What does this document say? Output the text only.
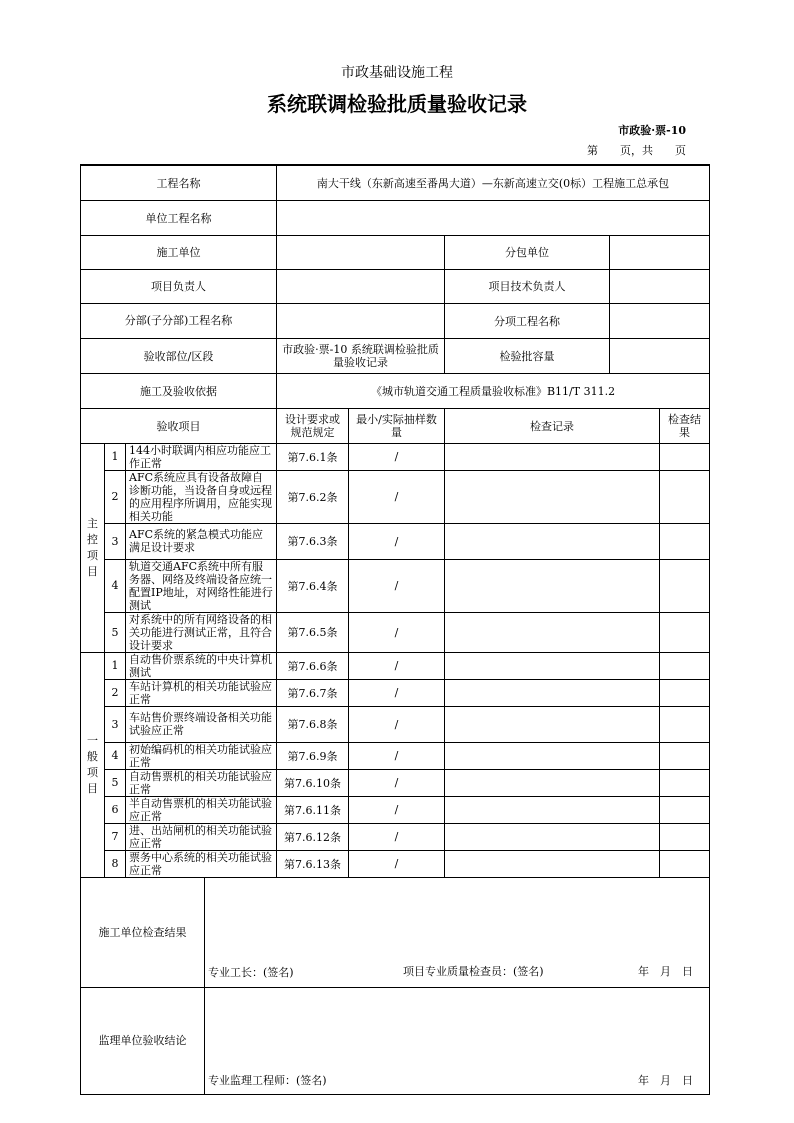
市政基础设施工程
系统联调检验批质量验收记录
市政验·票-10
第　　页，共　　页
工程名称				南大干线（东新高速至番禺大道）—东新高速立交(0标）工程施工总承包				
单位工程名称								
施工单位						分包单位		
项目负责人						项目技术负责人		
分部(子分部)工程名称						分项工程名称		
验收部位/区段				市政验·票-10 系统联调检验批质量验收记录		检验批容量		
施工及验收依据				《城市轨道交通工程质量验收标准》B11/T 311.2				
验收项目				设计要求或规范规定	最小/实际抽样数量	检查记录		检查结果
主
控
项
目	1	144小时联调内相应功能应工作正常		第7.6.1条	/			
	2	AFC系统应具有设备故障自诊断功能，当设备自身或远程的应用程序所调用，应能实现相关功能		第7.6.2条	/			
	3	AFC系统的紧急模式功能应满足设计要求		第7.6.3条	/			
	4	轨道交通AFC系统中所有服务器、网络及终端设备应统一配置IP地址，对网络性能进行测试		第7.6.4条	/			
	5	对系统中的所有网络设备的相关功能进行测试正常，且符合设计要求		第7.6.5条	/			
一
般
项
目	1	自动售价票系统的中央计算机测试		第7.6.6条	/			
	2	车站计算机的相关功能试验应正常		第7.6.7条	/			
	3	车站售价票终端设备相关功能试验应正常		第7.6.8条	/			
	4	初始编码机的相关功能试验应正常		第7.6.9条	/			
	5	自动售票机的相关功能试验应正常		第7.6.10条	/			
	6	半自动售票机的相关功能试验应正常		第7.6.11条	/			
	7	进、出站闸机的相关功能试验应正常		第7.6.12条	/			
	8	票务中心系统的相关功能试验应正常		第7.6.13条	/			
施工单位检查结果			专业工长：(签名) 项目专业质量检查员：(签名) 年　月　日					

监理单位验收结论			专业监理工程师：(签名) 年　月　日					
